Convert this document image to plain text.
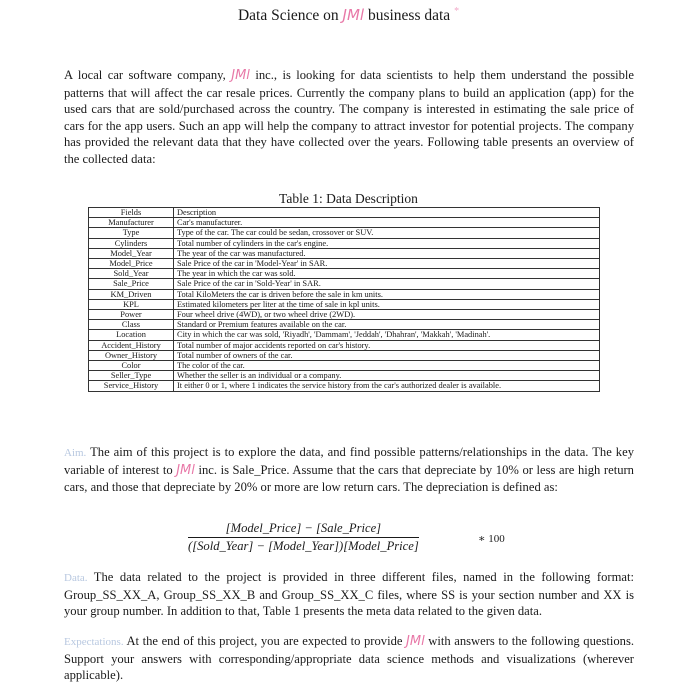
Data Science on JMl business data *
A local car software company, JMl inc., is looking for data scientists to help them understand the possible patterns that will affect the car resale prices. Currently the company plans to build an application (app) for the used cars that are sold/purchased across the country. The company is interested in estimating the sale price of cars for the app users. Such an app will help the company to attract investor for potential projects. The company has provided the relevant data that they have collected over the years. Following table presents an overview of the collected data:
Table 1: Data Description
Fields	Description
Manufacturer	Car's manufacturer.
Type	Type of the car. The car could be sedan, crossover or SUV.
Cylinders	Total number of cylinders in the car's engine.
Model_Year	The year of the car was manufactured.
Model_Price	Sale Price of the car in 'Model-Year' in SAR.
Sold_Year	The year in which the car was sold.
Sale_Price	Sale Price of the car in 'Sold-Year' in SAR.
KM_Driven	Total KiloMeters the car is driven before the sale in km units.
KPL	Estimated kilometers per liter at the time of sale in kpl units.
Power	Four wheel drive (4WD), or two wheel drive (2WD).
Class	Standard or Premium features available on the car.
Location	City in which the car was sold, 'Riyadh', 'Dammam', 'Jeddah', 'Dhahran', 'Makkah', 'Madinah'.
Accident_History	Total number of major accidents reported on car's history.
Owner_History	Total number of owners of the car.
Color	The color of the car.
Seller_Type	Whether the seller is an individual or a company.
Service_History	It either 0 or 1, where 1 indicates the service history from the car's authorized dealer is available.
Aim. The aim of this project is to explore the data, and find possible patterns/relationships in the data. The key variable of interest to JMl inc. is Sale_Price. Assume that the cars that depreciate by 10% or less are high return cars, and those that depreciate by 20% or more are low return cars. The depreciation is defined as:
$\frac{\text{[Model\_Price] − [Sale\_Price]}}{\text{([Sold\_Year] − [Model\_Year])[Model\_Price]}}$	∗ 100
Data. The data related to the project is provided in three different files, named in the following format: Group_SS_XX_A, Group_SS_XX_B and Group_SS_XX_C files, where SS is your section number and XX is your group number. In addition to that, Table 1 presents the meta data related to the given data.
Expectations. At the end of this project, you are expected to provide JMl with answers to the following questions. Support your answers with corresponding/appropriate data science methods and visualizations (wherever applicable).
